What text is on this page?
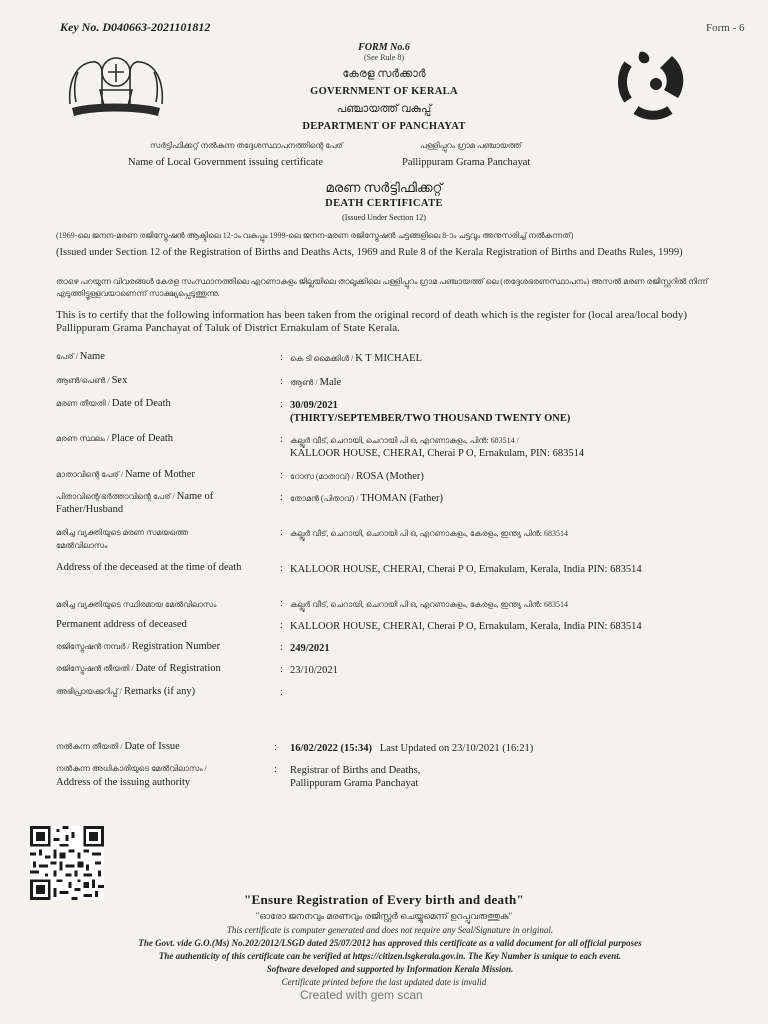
Key No. D040663-2021101812	Form - 6
FORM No.6
(See Rule 8)
കേരള സർക്കാർ
GOVERNMENT OF KERALA
പഞ്ചായത്ത് വകുപ്പ്
DEPARTMENT OF PANCHAYAT
സർട്ടിഫിക്കറ്റ് നൽകുന്ന തദ്ദേശസ്ഥാപനത്തിന്റെ പേര്	പള്ളിപ്പുറം ഗ്രാമ പഞ്ചായത്ത്
Name of Local Government issuing certificate	Pallippuram Grama Panchayat
മരണ സർട്ടിഫിക്കറ്റ്
DEATH CERTIFICATE
(Issued Under Section 12)
(1969-ലെ ജനന-മരണ രജിസ്ട്രേഷൻ ആക്ടിലെ 12-ാം വകുപ്പും 1999-ലെ ജനന-മരണ രജിസ്ട്രേഷൻ ചട്ടങ്ങളിലെ 8-ാം ചട്ടവും അനുസരിച്ച് നൽകുന്നത്)
(Issued under Section 12 of the Registration of Births and Deaths Acts, 1969 and Rule 8 of the Kerala Registration of Births and Deaths Rules, 1999)
താഴെ പറയുന്ന വിവരങ്ങൾ കേരള സംസ്ഥാനത്തിലെ എറണാകുളം ജില്ലയിലെ താലൂക്കിലെ പള്ളിപ്പുറം ഗ്രാമ പഞ്ചായത്ത് ലെ (തദ്ദേശഭരണസ്ഥാപനം) അസൽ മരണ രജിസ്റ്ററിൽ നിന്ന് എടുത്തിട്ടുള്ളവയാണെന്ന് സാക്ഷ്യപ്പെടുത്തുന്നു.
This is to certify that the following information has been taken from the original record of death which is the register for (local area/local body) Pallippuram Grama Panchayat of Taluk of District Ernakulam of State Kerala.
പേര് / Name	: കെ ടി മൈക്കിൾ / K T MICHAEL
ആൺ/പെൺ / Sex	: ആൺ / Male
മരണ തീയതി / Date of Death	: 30/09/2021
(THIRTY/SEPTEMBER/TWO THOUSAND TWENTY ONE)
മരണ സ്ഥലം / Place of Death	: കല്ലൂർ വീട്, ചെറായി, ചെറായി പി ഒ, എറണാകുളം, പിൻ: 683514 /
KALLOOR HOUSE, CHERAI, Cherai P O, Ernakulam, PIN: 683514
മാതാവിന്റെ പേര് / Name of Mother	: റോസ (മാതാവ്) / ROSA (Mother)
പിതാവിന്റെ/ഭർത്താവിന്റെ പേര് / Name of Father/Husband
: തോമൻ (പിതാവ്) / THOMAN (Father)
മരിച്ച വ്യക്തിയുടെ മരണ സമയത്തെ മേൽവിലാസം
: കല്ലൂർ വീട്, ചെറായി, ചെറായി പി ഒ, എറണാകുളം, കേരളം, ഇന്ത്യ പിൻ: 683514
Address of the deceased at the time of death	: KALLOOR HOUSE, CHERAI, Cherai P O, Ernakulam, Kerala, India PIN: 683514
മരിച്ച വ്യക്തിയുടെ സ്ഥിരമായ മേൽവിലാസം	: കല്ലൂർ വീട്, ചെറായി, ചെറായി പി ഒ, എറണാകുളം, കേരളം, ഇന്ത്യ പിൻ: 683514
Permanent address of deceased	: KALLOOR HOUSE, CHERAI, Cherai P O, Ernakulam, Kerala, India PIN: 683514
രജിസ്ട്രേഷൻ നമ്പർ / Registration Number	: 249/2021
രജിസ്ട്രേഷൻ തീയതി / Date of Registration	: 23/10/2021
അഭിപ്രായക്കുറിപ്പ് / Remarks (if any)	:
നൽകുന്ന തീയതി / Date of Issue	: 16/02/2022 (15:34) Last Updated on 23/10/2021 (16:21)
നൽകുന്ന അധികാരിയുടെ മേൽവിലാസം /
Address of the issuing authority
: Registrar of Births and Deaths,
Pallippuram Grama Panchayat
"Ensure Registration of Every birth and death"
"ഓരോ ജനനവും മരണവും രജിസ്റ്റർ ചെയ്യുമെന്ന് ഉറപ്പുവരുത്തുക"
This certificate is computer generated and does not require any Seal/Signature in original.
The Govt. vide G.O.(Ms) No.202/2012/LSGD dated 25/07/2012 has approved this certificate as a valid document for all official purposes
The authenticity of this certificate can be verified at https://citizen.lsgkerala.gov.in. The Key Number is unique to each event.
Software developed and supported by Information Kerala Mission.
Certificate printed before the last updated date is invalid
Created with gem scan
